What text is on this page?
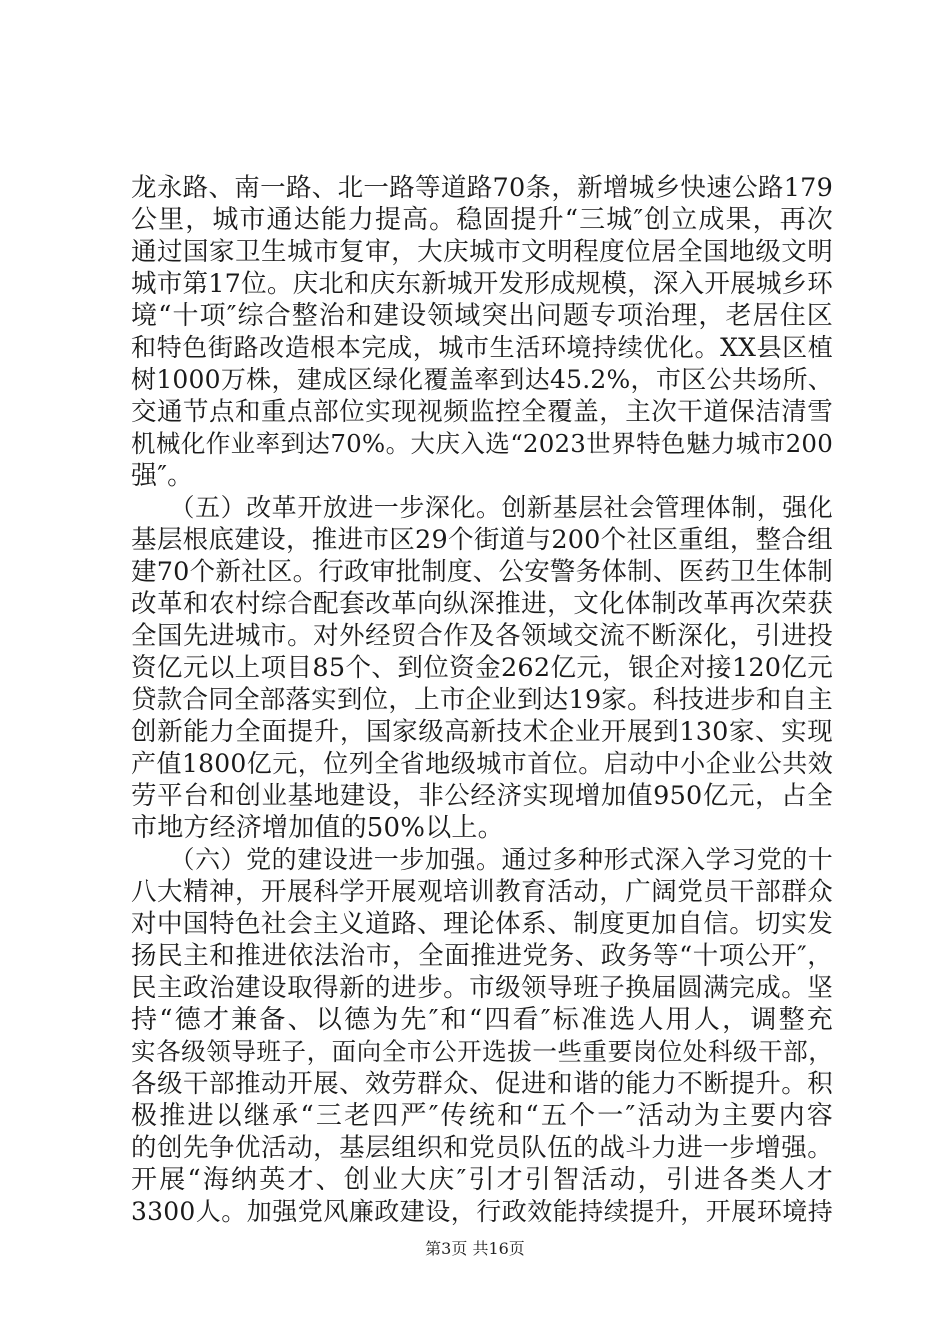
龙永路、南一路、北一路等道路70条，新增城乡快速公路179
公里，城市通达能力提高。稳固提升“三城″创立成果，再次
通过国家卫生城市复审，大庆城市文明程度位居全国地级文明
城市第17位。庆北和庆东新城开发形成规模，深入开展城乡环
境“十项″综合整治和建设领域突出问题专项治理，老居住区
和特色街路改造根本完成，城市生活环境持续优化。XX县区植
树1000万株，建成区绿化覆盖率到达45.2%，市区公共场所、
交通节点和重点部位实现视频监控全覆盖，主次干道保洁清雪
机械化作业率到达70%。大庆入选“2023世界特色魅力城市200
强″。
　　（五）改革开放进一步深化。创新基层社会管理体制，强化
基层根底建设，推进市区29个街道与200个社区重组，整合组
建70个新社区。行政审批制度、公安警务体制、医药卫生体制
改革和农村综合配套改革向纵深推进，文化体制改革再次荣获
全国先进城市。对外经贸合作及各领域交流不断深化，引进投
资亿元以上项目85个、到位资金262亿元，银企对接120亿元
贷款合同全部落实到位，上市企业到达19家。科技进步和自主
创新能力全面提升，国家级高新技术企业开展到130家、实现
产值1800亿元，位列全省地级城市首位。启动中小企业公共效
劳平台和创业基地建设，非公经济实现增加值950亿元，占全
市地方经济增加值的50%以上。
　　（六）党的建设进一步加强。通过多种形式深入学习党的十
八大精神，开展科学开展观培训教育活动，广阔党员干部群众
对中国特色社会主义道路、理论体系、制度更加自信。切实发
扬民主和推进依法治市，全面推进党务、政务等“十项公开″，
民主政治建设取得新的进步。市级领导班子换届圆满完成。坚
持“德才兼备、以德为先″和“四看″标准选人用人，调整充
实各级领导班子，面向全市公开选拔一些重要岗位处科级干部，
各级干部推动开展、效劳群众、促进和谐的能力不断提升。积
极推进以继承“三老四严″传统和“五个一″活动为主要内容
的创先争优活动，基层组织和党员队伍的战斗力进一步增强。
开展“海纳英才、创业大庆″引才引智活动，引进各类人才
3300人。加强党风廉政建设，行政效能持续提升，开展环境持
第3页 共16页
